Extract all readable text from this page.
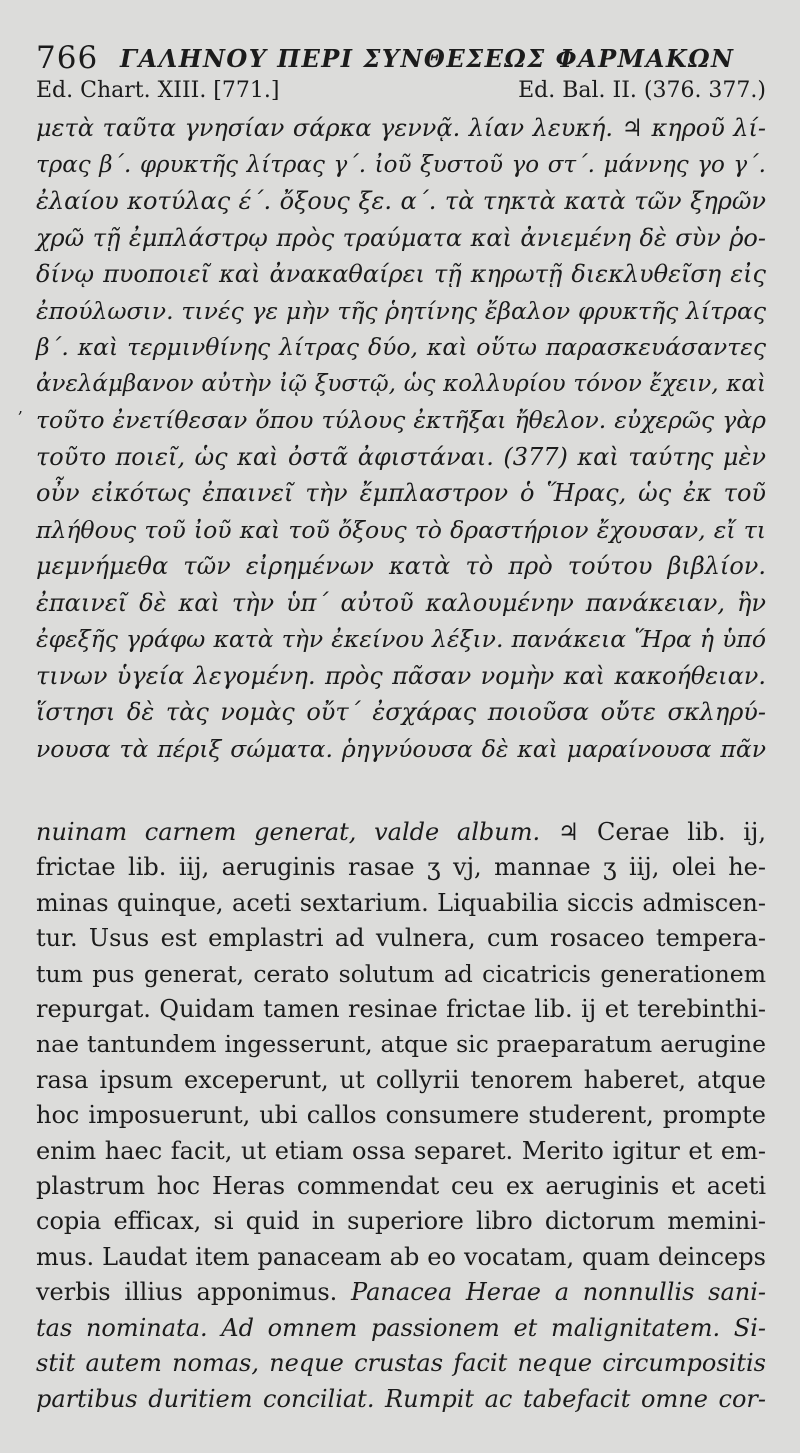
766 ΓΑΛΗΝΟΥ ΠΕΡΙ ΣΥΝΘΕΣΕΩΣ ΦΑΡΜΑΚΩΝ
Ed. Chart. XIII. [771.]	Ed. Bal. II. (376. 377.)
,
μετὰ ταῦτα γνησίαν σάρκα γεννᾷ. λίαν λευκή. ♃ κηροῦ λί-
τρας β΄. φρυκτῆς λίτρας γ΄. ἰοῦ ξυστοῦ γο στ΄. μάννης γο γ΄.
ἐλαίου κοτύλας έ΄. ὄξους ξε. α΄. τὰ τηκτὰ κατὰ τῶν ξηρῶν
χρῶ τῇ ἐμπλάστρῳ πρὸς τραύματα καὶ ἀνιεμένη δὲ σὺν ῥο-
δίνῳ πυοποιεῖ καὶ ἀνακαθαίρει τῇ κηρωτῇ διεκλυθεῖση εἰς
ἐπούλωσιν. τινές γε μὴν τῆς ῥητίνης ἔβαλον φρυκτῆς λίτρας
β΄. καὶ τερμινθίνης λίτρας δύο, καὶ οὕτω παρασκευάσαντες
ἀνελάμβανον αὐτὴν ἰῷ ξυστῷ, ὡς κολλυρίου τόνον ἔχειν, καὶ
τοῦτο ἐνετίθεσαν ὅπου τύλους ἐκτῆξαι ἤθελον. εὐχερῶς γὰρ
τοῦτο ποιεῖ, ὡς καὶ ὀστᾶ ἀφιστάναι. (377) καὶ ταύτης μὲν
οὖν εἰκότως ἐπαινεῖ τὴν ἔμπλαστρον ὁ Ἥρας, ὡς ἐκ τοῦ
πλήθους τοῦ ἰοῦ καὶ τοῦ ὄξους τὸ δραστήριον ἔχουσαν, εἴ τι
μεμνήμεθα τῶν εἰρημένων κατὰ τὸ πρὸ τούτου βιβλίον.
ἐπαινεῖ δὲ καὶ τὴν ὑπ΄ αὐτοῦ καλουμένην πανάκειαν, ἣν
ἐφεξῆς γράφω κατὰ τὴν ἐκείνου λέξιν. πανάκεια Ἥρα ἡ ὑπό
τινων ὑγεία λεγομένη. πρὸς πᾶσαν νομὴν καὶ κακοήθειαν.
ἵστησι δὲ τὰς νομὰς οὔτ΄ ἐσχάρας ποιοῦσα οὔτε σκληρύ-
νουσα τὰ πέριξ σώματα. ῥηγνύουσα δὲ καὶ μαραίνουσα πᾶν
nuinam carnem generat, valde album. ♃ Cerae lib. ij,
frictae lib. iij, aeruginis rasae ʒ vj, mannae ʒ iij, olei he-
minas quinque, aceti sextarium. Liquabilia siccis admiscen-
tur. Usus est emplastri ad vulnera, cum rosaceo tempera-
tum pus generat, cerato solutum ad cicatricis generationem
repurgat. Quidam tamen resinae frictae lib. ij et terebinthi-
nae tantundem ingesserunt, atque sic praeparatum aerugine
rasa ipsum exceperunt, ut collyrii tenorem haberet, atque
hoc imposuerunt, ubi callos consumere studerent, prompte
enim haec facit, ut etiam ossa separet. Merito igitur et em-
plastrum hoc Heras commendat ceu ex aeruginis et aceti
copia efficax, si quid in superiore libro dictorum memini-
mus. Laudat item panaceam ab eo vocatam, quam deinceps
verbis illius apponimus. Panacea Herae a nonnullis sani-
tas nominata. Ad omnem passionem et malignitatem. Si-
stit autem nomas, neque crustas facit neque circumpositis
partibus duritiem conciliat. Rumpit ac tabefacit omne cor-
